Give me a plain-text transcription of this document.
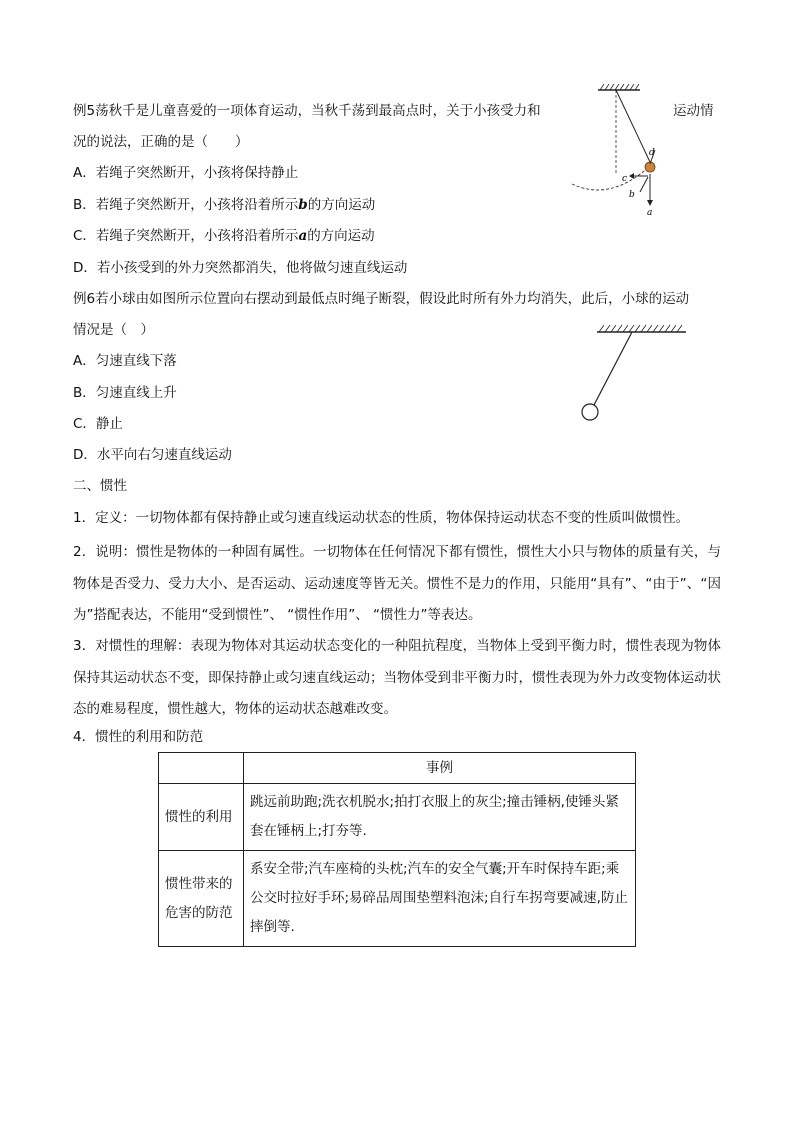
例5荡秋千是儿童喜爱的一项体育运动，当秋千荡到最高点时，关于小孩受力和	运动情
况的说法，正确的是（　　）
A．若绳子突然断开，小孩将保持静止
B．若绳子突然断开，小孩将沿着所示b的方向运动
C．若绳子突然断开，小孩将沿着所示a的方向运动
D．若小孩受到的外力突然都消失，他将做匀速直线运动
d
c
b
a
例6若小球由如图所示位置向右摆动到最低点时绳子断裂，假设此时所有外力均消失，此后，小球的运动
情况是（　）
A．匀速直线下落
B．匀速直线上升
C．静止
D．水平向右匀速直线运动
二、惯性
1．定义：一切物体都有保持静止或匀速直线运动状态的性质，物体保持运动状态不变的性质叫做惯性。
2．说明：惯性是物体的一种固有属性。一切物体在任何情况下都有惯性，惯性大小只与物体的质量有关，与物体是否受力、受力大小、是否运动、运动速度等皆无关。惯性不是力的作用，只能用“具有”、“由于”、“因为”搭配表达，不能用“受到惯性”、 “惯性作用”、 “惯性力”等表达。
3．对惯性的理解：表现为物体对其运动状态变化的一种阻抗程度，当物体上受到平衡力时，惯性表现为物体保持其运动状态不变，即保持静止或匀速直线运动；当物体受到非平衡力时，惯性表现为外力改变物体运动状态的难易程度，惯性越大，物体的运动状态越难改变。
4．惯性的利用和防范
	事例
惯性的利用	跳远前助跑;洗衣机脱水;拍打衣服上的灰尘;撞击锤柄,使锤头紧套在锤柄上;打夯等.
惯性带来的危害的防范	系安全带;汽车座椅的头枕;汽车的安全气囊;开车时保持车距;乘公交时拉好手环;易碎品周围垫塑料泡沫;自行车拐弯要减速,防止摔倒等.
